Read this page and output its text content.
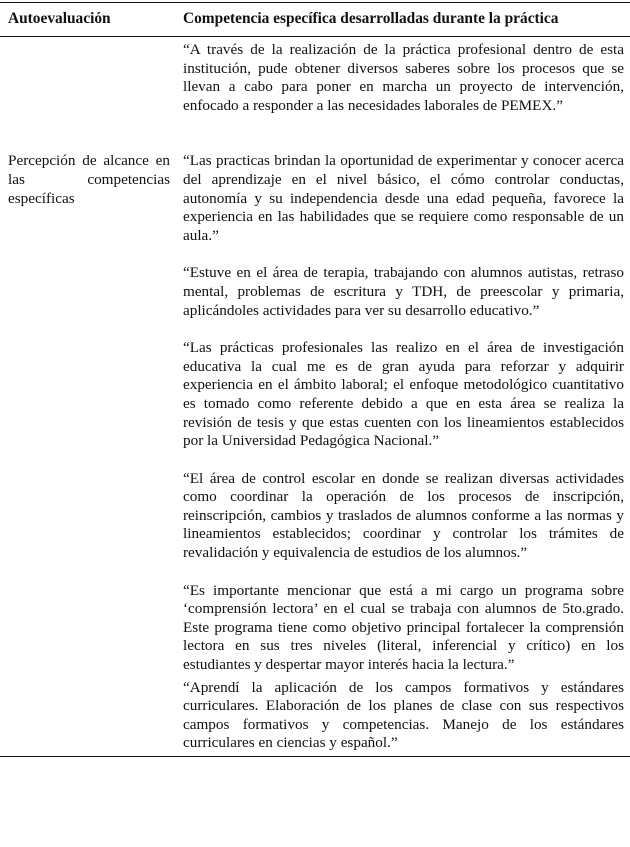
Autoevaluación	Competencia específica desarrolladas durante la práctica

	“A través de la realización de la práctica profesional dentro de esta institución, pude obtener diversos saberes sobre los procesos que se llevan a cabo para poner en marcha un proyecto de intervención, enfocado a responder a las necesidades laborales de PEMEX.”

Percepción de alcance en las competencias específicas	“Las practicas brindan la oportunidad de experimentar y conocer acerca del aprendizaje en el nivel básico, el cómo controlar conductas, autonomía y su independencia desde una edad pequeña, favorece la experiencia en las habilidades que se requiere como responsable de un aula.”

	“Estuve en el área de terapia, trabajando con alumnos autistas, retraso mental, problemas de escritura y TDH, de preescolar y primaria, aplicándoles actividades para ver su desarrollo educativo.”

	“Las prácticas profesionales las realizo en el área de investigación educativa la cual me es de gran ayuda para reforzar y adquirir experiencia en el ámbito laboral; el enfoque metodológico cuantitativo es tomado como referente debido a que en esta área se realiza la revisión de tesis y que estas cuenten con los lineamientos establecidos por la Universidad Pedagógica Nacional.”

	“El área de control escolar en donde se realizan diversas actividades como coordinar la operación de los procesos de inscripción, reinscripción, cambios y traslados de alumnos conforme a las normas y lineamientos establecidos; coordinar y controlar los trámites de revalidación y equivalencia de estudios de los alumnos.”

	“Es importante mencionar que está a mi cargo un programa sobre ‘comprensión lectora’ en el cual se trabaja con alumnos de 5to.grado. Este programa tiene como objetivo principal fortalecer la comprensión lectora en sus tres niveles (literal, inferencial y crítico) en los estudiantes y despertar mayor interés hacia la lectura.”

	“Aprendí la aplicación de los campos formativos y estándares curriculares. Elaboración de los planes de clase con sus respectivos campos formativos y competencias. Manejo de los estándares curriculares en ciencias y español.”
